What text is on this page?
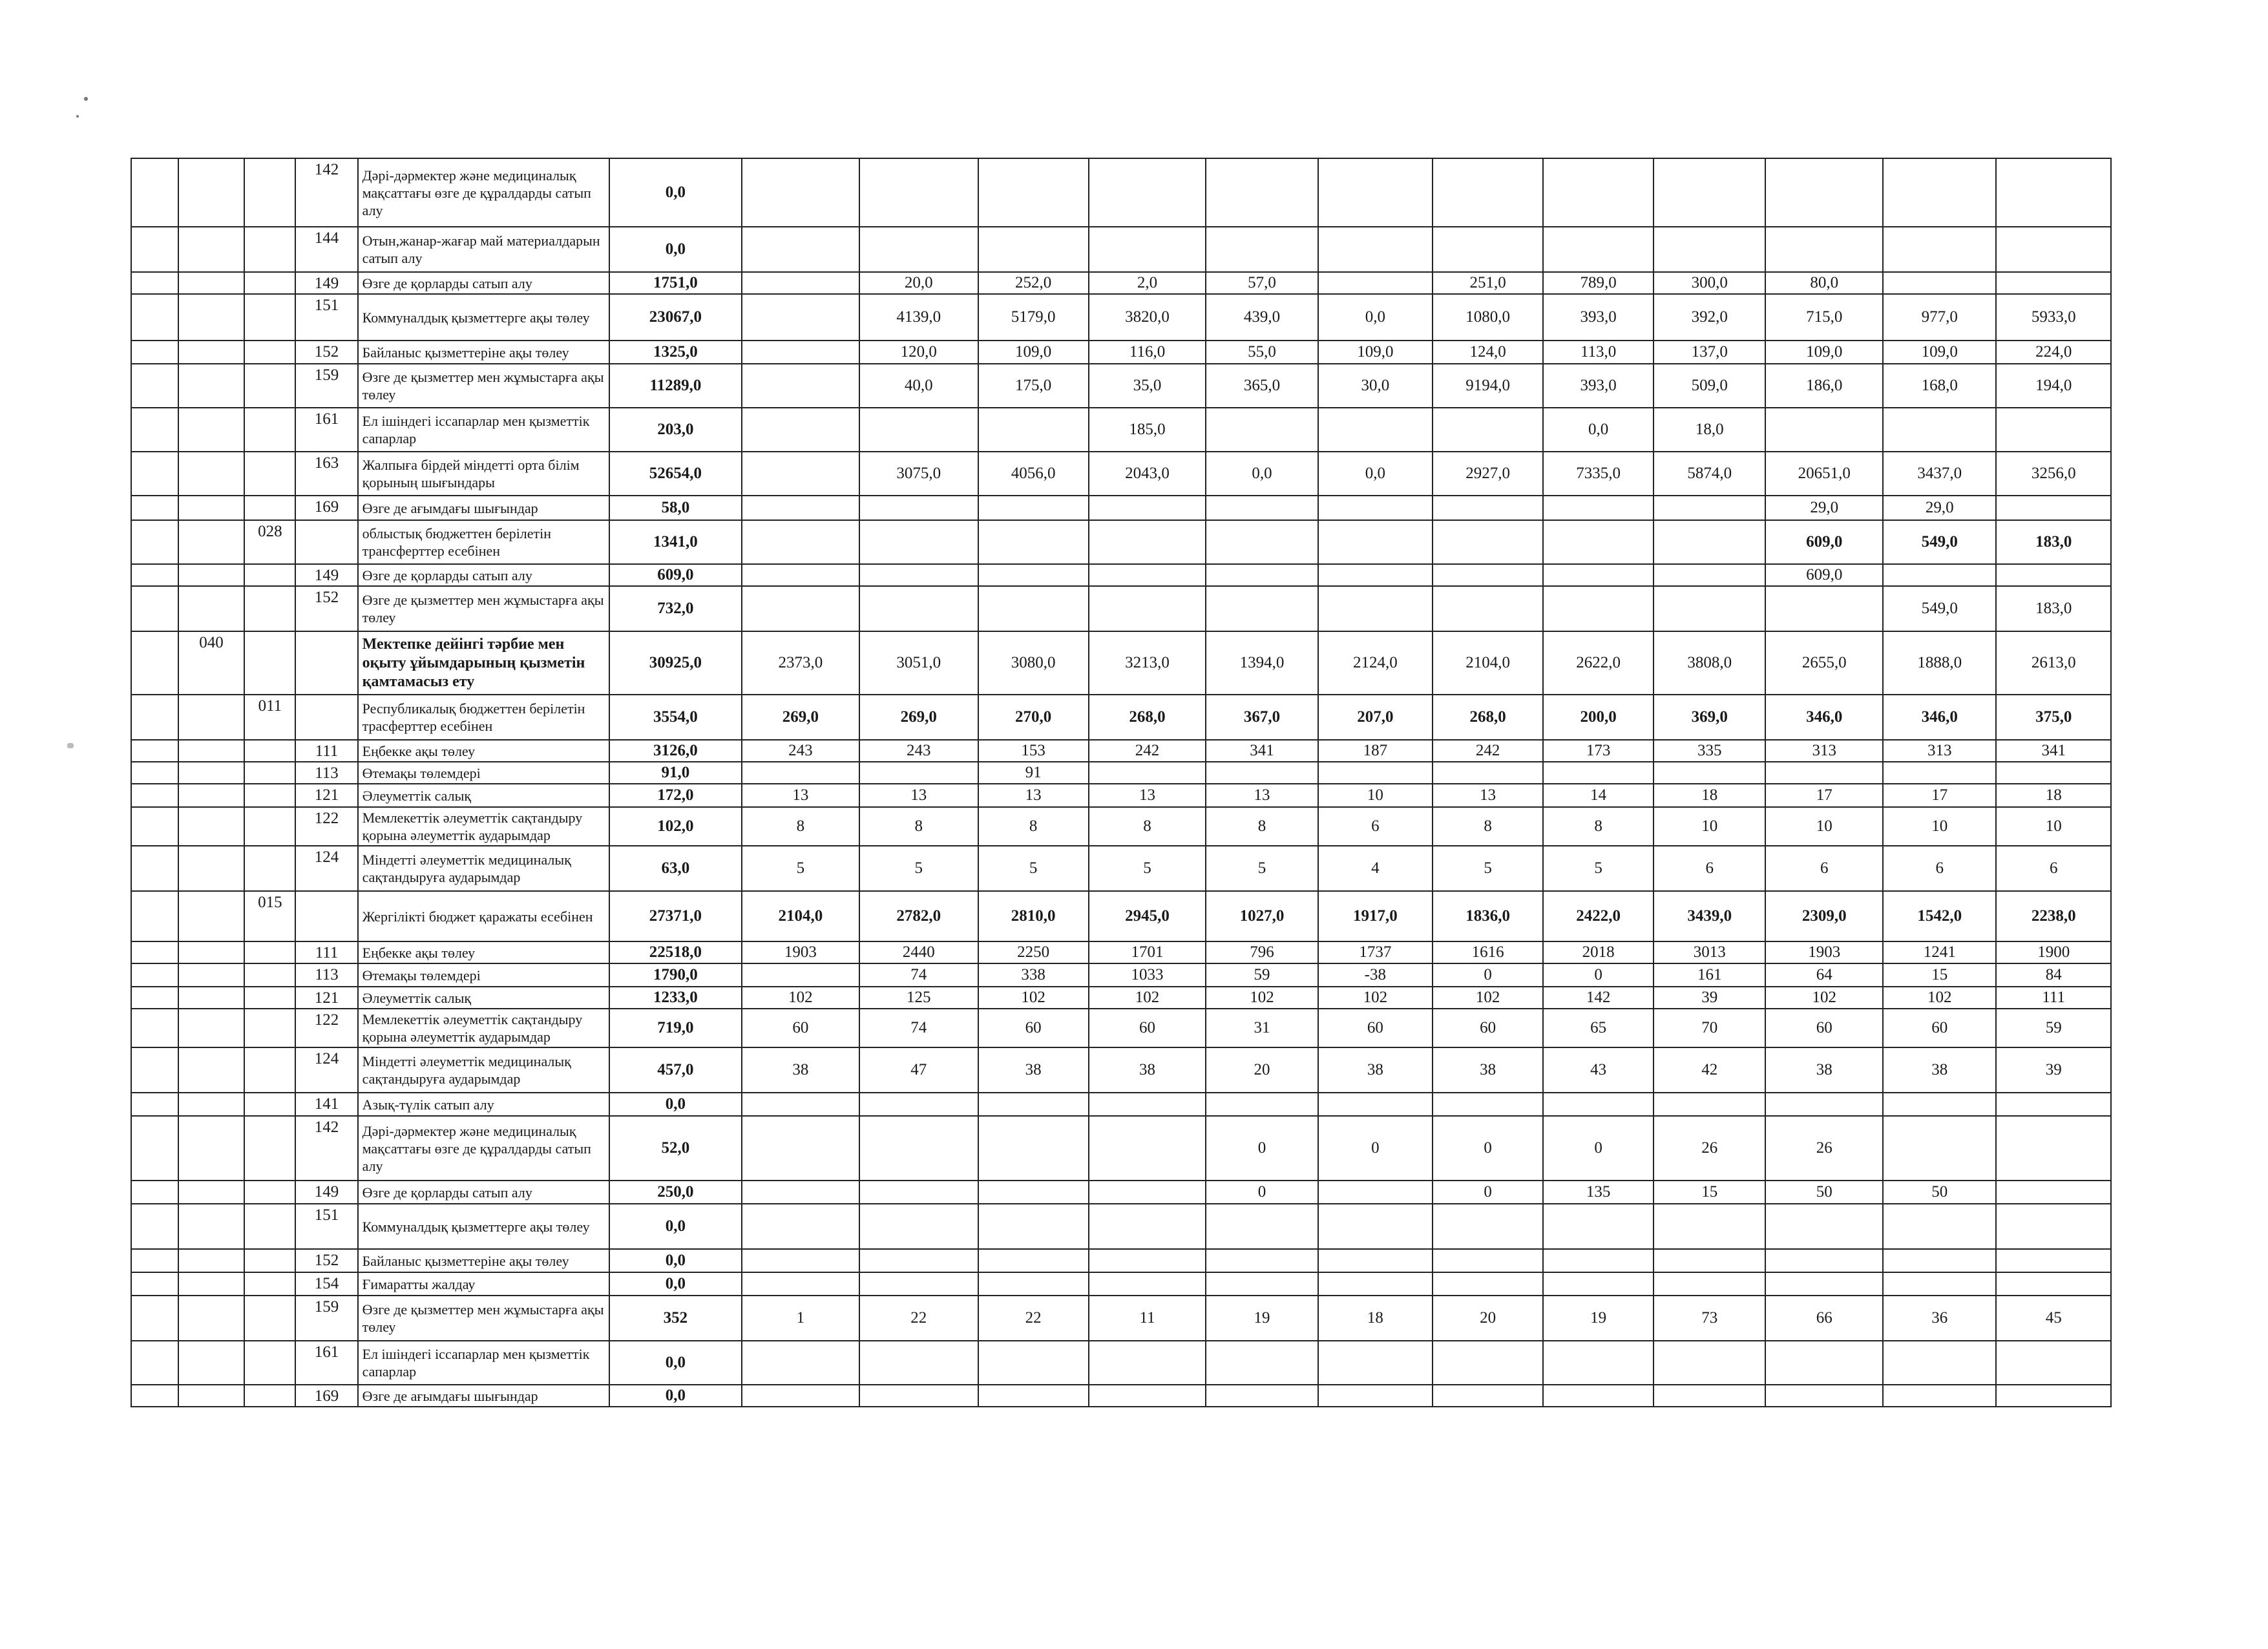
			142	Дәрі-дәрмектер және медициналық мақсаттағы өзге де құралдарды сатып алу	0,0												
			144	Отын,жанар-жағар май материалдарын сатып алу	0,0												
			149	Өзге де қорларды сатып алу	1751,0		20,0	252,0	2,0	57,0		251,0	789,0	300,0	80,0		
			151	Коммуналдық қызметтерге ақы төлеу	23067,0		4139,0	5179,0	3820,0	439,0	0,0	1080,0	393,0	392,0	715,0	977,0	5933,0
			152	Байланыс қызметтеріне ақы төлеу	1325,0		120,0	109,0	116,0	55,0	109,0	124,0	113,0	137,0	109,0	109,0	224,0
			159	Өзге де қызметтер мен жұмыстарға ақы төлеу	11289,0		40,0	175,0	35,0	365,0	30,0	9194,0	393,0	509,0	186,0	168,0	194,0
			161	Ел ішіндегі іссапарлар мен қызметтік сапарлар	203,0				185,0				0,0	18,0			
			163	Жалпыға бірдей міндетті орта білім қорының шығындары	52654,0		3075,0	4056,0	2043,0	0,0	0,0	2927,0	7335,0	5874,0	20651,0	3437,0	3256,0
			169	Өзге де ағымдағы шығындар	58,0										29,0	29,0	
		028		облыстық бюджеттен берілетін трансферттер есебінен	1341,0										609,0	549,0	183,0
			149	Өзге де қорларды сатып алу	609,0										609,0		
			152	Өзге де қызметтер мен жұмыстарға ақы төлеу	732,0											549,0	183,0
	040			Мектепке дейінгі тәрбие мен оқыту ұйымдарының қызметін қамтамасыз ету	30925,0	2373,0	3051,0	3080,0	3213,0	1394,0	2124,0	2104,0	2622,0	3808,0	2655,0	1888,0	2613,0
		011		Республикалық бюджеттен берілетін трасферттер есебінен	3554,0	269,0	269,0	270,0	268,0	367,0	207,0	268,0	200,0	369,0	346,0	346,0	375,0
			111	Еңбекке ақы төлеу	3126,0	243	243	153	242	341	187	242	173	335	313	313	341
			113	Өтемақы төлемдері	91,0			91									
			121	Әлеуметтік салық	172,0	13	13	13	13	13	10	13	14	18	17	17	18
			122	Мемлекеттік әлеуметтік сақтандыру қорына әлеуметтік аударымдар	102,0	8	8	8	8	8	6	8	8	10	10	10	10
			124	Міндетті әлеуметтік медициналық сақтандыруға аударымдар	63,0	5	5	5	5	5	4	5	5	6	6	6	6
		015		Жергілікті бюджет қаражаты есебінен	27371,0	2104,0	2782,0	2810,0	2945,0	1027,0	1917,0	1836,0	2422,0	3439,0	2309,0	1542,0	2238,0
			111	Еңбекке ақы төлеу	22518,0	1903	2440	2250	1701	796	1737	1616	2018	3013	1903	1241	1900
			113	Өтемақы төлемдері	1790,0		74	338	1033	59	-38	0	0	161	64	15	84
			121	Әлеуметтік салық	1233,0	102	125	102	102	102	102	102	142	39	102	102	111
			122	Мемлекеттік әлеуметтік сақтандыру қорына әлеуметтік аударымдар	719,0	60	74	60	60	31	60	60	65	70	60	60	59
			124	Міндетті әлеуметтік медициналық сақтандыруға аударымдар	457,0	38	47	38	38	20	38	38	43	42	38	38	39
			141	Азық-түлік сатып алу	0,0												
			142	Дәрі-дәрмектер және медициналық мақсаттағы өзге де құралдарды сатып алу	52,0					0	0	0	0	26	26		
			149	Өзге де қорларды сатып алу	250,0					0		0	135	15	50	50	
			151	Коммуналдық қызметтерге ақы төлеу	0,0												
			152	Байланыс қызметтеріне ақы төлеу	0,0												
			154	Ғимаратты жалдау	0,0												
			159	Өзге де қызметтер мен жұмыстарға ақы төлеу	352	1	22	22	11	19	18	20	19	73	66	36	45
			161	Ел ішіндегі іссапарлар мен қызметтік сапарлар	0,0												
			169	Өзге де ағымдағы шығындар	0,0												
